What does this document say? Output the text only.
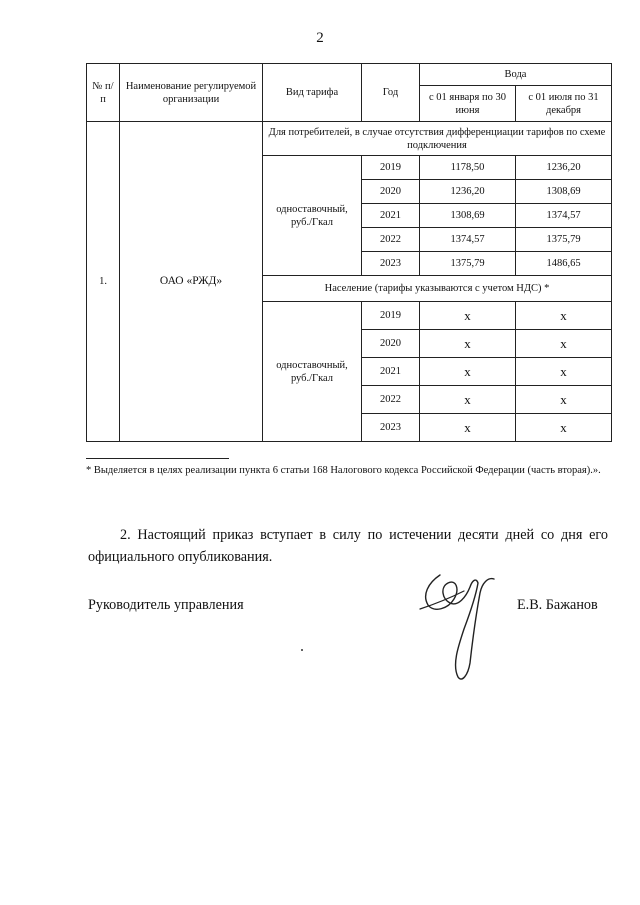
2
№ п/п	Наименование регулируемой организации	Вид тарифа	Год	Вода	
				с 01 января по 30 июня	с 01 июля по 31 декабря
1.	ОАО «РЖД»	Для потребителей, в случае отсутствия дифференциации тарифов по схеме подключения			
		одноставочный, руб./Гкал	2019	1178,50	1236,20
			2020	1236,20	1308,69
			2021	1308,69	1374,57
			2022	1374,57	1375,79
			2023	1375,79	1486,65
		Население (тарифы указываются с учетом НДС) *			
		одноставочный, руб./Гкал	2019	x	x
			2020	x	x
			2021	x	x
			2022	x	x
			2023	x	x
* Выделяется в целях реализации пункта 6 статьи 168 Налогового кодекса Российской Федерации (часть вторая).».
2. Настоящий приказ вступает в силу по истечении десяти дней со дня его официального опубликования.
Руководитель управления	Е.В. Бажанов
